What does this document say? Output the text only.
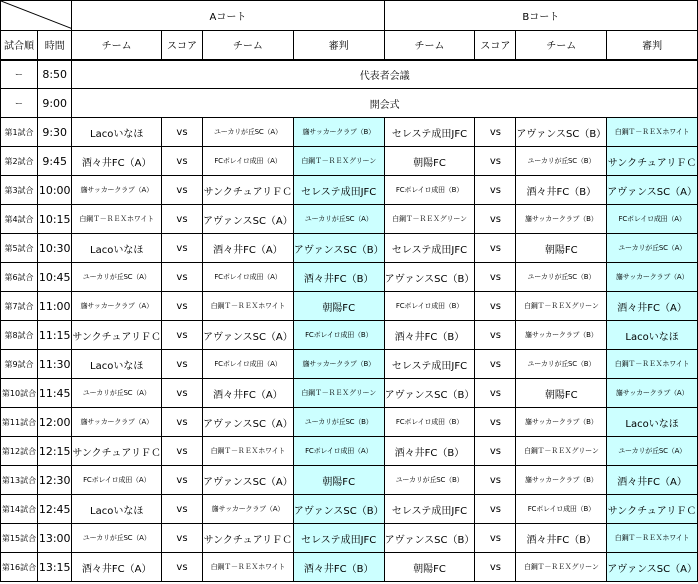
	Aコート				Bコート			
試合順	時間	チーム	スコア	チーム	審判	チーム	スコア	チーム	審判
ー	8:50	代表者会議							
ー	9:00	開会式							
第1試合	9:30	Lacoいなほ	vs	ユーカリが丘SC（A）	旛サッカークラブ（B）	セレステ成田JFC	vs	アヴァンスSC（B）	白鋼Ｔ－ＲＥＸホワイト
第2試合	9:45	酒々井FC（A）	vs	FCボレイロ成田（A）	白鋼Ｔ－ＲＥＸグリーン	朝陽FC	vs	ユーカリが丘SC（B）	サンクチュアリＦＣ
第3試合	10:00	旛サッカークラブ（A）	vs	サンクチュアリＦＣ	セレステ成田JFC	FCボレイロ成田（B）	vs	酒々井FC（B）	アヴァンスSC（A）
第4試合	10:15	白鋼Ｔ－ＲＥＸホワイト	vs	アヴァンスSC（A）	ユーカリが丘SC（A）	白鋼Ｔ－ＲＥＸグリーン	vs	旛サッカークラブ（B）	FCボレイロ成田（A）
第5試合	10:30	Lacoいなほ	vs	酒々井FC（A）	アヴァンスSC（B）	セレステ成田JFC	vs	朝陽FC	ユーカリが丘SC（A）
第6試合	10:45	ユーカリが丘SC（A）	vs	FCボレイロ成田（A）	酒々井FC（B）	アヴァンスSC（B）	vs	ユーカリが丘SC（B）	旛サッカークラブ（A）
第7試合	11:00	旛サッカークラブ（A）	vs	白鋼Ｔ－ＲＥＸホワイト	朝陽FC	FCボレイロ成田（B）	vs	白鋼Ｔ－ＲＥＸグリーン	酒々井FC（A）
第8試合	11:15	サンクチュアリＦＣ	vs	アヴァンスSC（A）	FCボレイロ成田（B）	酒々井FC（B）	vs	旛サッカークラブ（B）	Lacoいなほ
第9試合	11:30	Lacoいなほ	vs	FCボレイロ成田（A）	旛サッカークラブ（B）	セレステ成田JFC	vs	ユーカリが丘SC（B）	白鋼Ｔ－ＲＥＸホワイト
第10試合	11:45	ユーカリが丘SC（A）	vs	酒々井FC（A）	白鋼Ｔ－ＲＥＸグリーン	アヴァンスSC（B）	vs	朝陽FC	旛サッカークラブ（A）
第11試合	12:00	旛サッカークラブ（A）	vs	アヴァンスSC（A）	ユーカリが丘SC（B）	FCボレイロ成田（B）	vs	旛サッカークラブ（B）	Lacoいなほ
第12試合	12:15	サンクチュアリＦＣ	vs	白鋼Ｔ－ＲＥＸホワイト	FCボレイロ成田（A）	酒々井FC（B）	vs	白鋼Ｔ－ＲＥＸグリーン	ユーカリが丘SC（A）
第13試合	12:30	FCボレイロ成田（A）	vs	アヴァンスSC（A）	朝陽FC	ユーカリが丘SC（B）	vs	旛サッカークラブ（B）	酒々井FC（A）
第14試合	12:45	Lacoいなほ	vs	旛サッカークラブ（A）	アヴァンスSC（B）	セレステ成田JFC	vs	FCボレイロ成田（B）	サンクチュアリＦＣ
第15試合	13:00	ユーカリが丘SC（A）	vs	サンクチュアリＦＣ	セレステ成田JFC	アヴァンスSC（B）	vs	酒々井FC（B）	白鋼Ｔ－ＲＥＸホワイト
第16試合	13:15	酒々井FC（A）	vs	白鋼Ｔ－ＲＥＸホワイト	酒々井FC（B）	朝陽FC	vs	白鋼Ｔ－ＲＥＸグリーン	アヴァンスSC（A）
